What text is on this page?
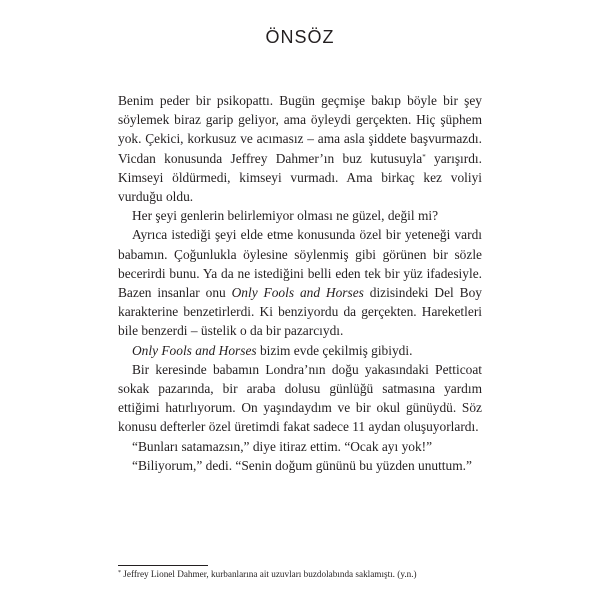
ÖNSÖZ

Benim peder bir psikopattı. Bugün geçmişe bakıp böyle bir şey söylemek biraz garip geliyor, ama öyleydi gerçekten. Hiç şüphem yok. Çekici, korkusuz ve acımasız – ama asla şiddete başvurmazdı. Vicdan konusunda Jeffrey Dahmer’ın buz kutusuyla* yarışırdı. Kimseyi öldürmedi, kimseyi vurmadı. Ama birkaç kez voliyi vurduğu oldu.

Her şeyi genlerin belirlemiyor olması ne güzel, değil mi?

Ayrıca istediği şeyi elde etme konusunda özel bir yeteneği vardı babamın. Çoğunlukla öylesine söylenmiş gibi görünen bir sözle becerirdi bunu. Ya da ne istediğini belli eden tek bir yüz ifadesiyle. Bazen insanlar onu Only Fools and Horses dizisindeki Del Boy karakterine benzetirlerdi. Ki benziyordu da gerçekten. Hareketleri bile benzerdi – üstelik o da bir pazarcıydı.

Only Fools and Horses bizim evde çekilmiş gibiydi.

Bir keresinde babamın Londra’nın doğu yakasındaki Petticoat sokak pazarında, bir araba dolusu günlüğü satmasına yardım ettiğimi hatırlıyorum. On yaşındaydım ve bir okul günüydü. Söz konusu defterler özel üretimdi fakat sadece 11 aydan oluşuyorlardı.

“Bunları satamazsın,” diye itiraz ettim. “Ocak ayı yok!”

“Biliyorum,” dedi. “Senin doğum gününü bu yüzden unuttum.”

* Jeffrey Lionel Dahmer, kurbanlarına ait uzuvları buzdolabında saklamıştı. (y.n.)
